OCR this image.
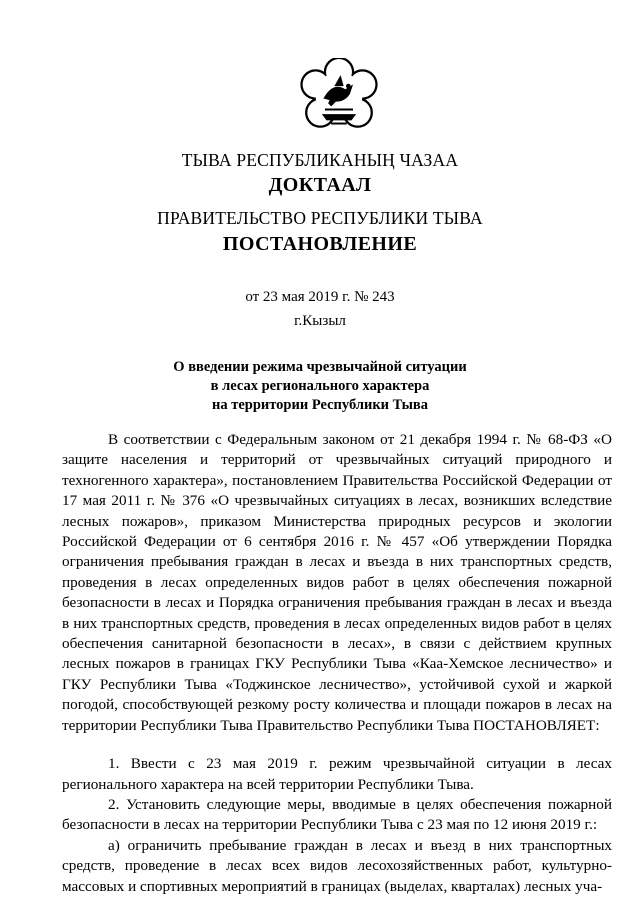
ТЫВА РЕСПУБЛИКАНЫҢ ЧАЗАА
ДОКТААЛ
ПРАВИТЕЛЬСТВО РЕСПУБЛИКИ ТЫВА
ПОСТАНОВЛЕНИЕ
от 23 мая 2019 г. № 243
г.Кызыл
О введении режима чрезвычайной ситуации
в лесах регионального характера
на территории Республики Тыва

В соответствии с Федеральным законом от 21 декабря 1994 г. № 68-ФЗ «О защите населения и территорий от чрезвычайных ситуаций природного и техногенного характера», постановлением Правительства Российской Федерации от 17 мая 2011 г. № 376 «О чрезвычайных ситуациях в лесах, возникших вследствие лесных пожаров», приказом Министерства природных ресурсов и экологии Российской Федерации от 6 сентября 2016 г. № 457 «Об утверждении Порядка ограничения пребывания граждан в лесах и въезда в них транспортных средств, проведения в лесах определенных видов работ в целях обеспечения пожарной безопасности в лесах и Порядка ограничения пребывания граждан в лесах и въезда в них транспортных средств, проведения в лесах определенных видов работ в целях обеспечения санитарной безопасности в лесах», в связи с действием крупных лесных пожаров в границах ГКУ Республики Тыва «Каа-Хемское лесничество» и ГКУ Республики Тыва «Тоджинское лесничество», устойчивой сухой и жаркой погодой, способствующей резкому росту количества и площади пожаров в лесах на территории Республики Тыва Правительство Республики Тыва ПОСТАНОВЛЯЕТ:

1. Ввести с 23 мая 2019 г. режим чрезвычайной ситуации в лесах регионального характера на всей территории Республики Тыва.

2. Установить следующие меры, вводимые в целях обеспечения пожарной безопасности в лесах на территории Республики Тыва с 23 мая по 12 июня 2019 г.:

а) ограничить пребывание граждан в лесах и въезд в них транспортных средств, проведение в лесах всех видов лесохозяйственных работ, культурно-массовых и спортивных мероприятий в границах (выделах, кварталах) лесных уча-
